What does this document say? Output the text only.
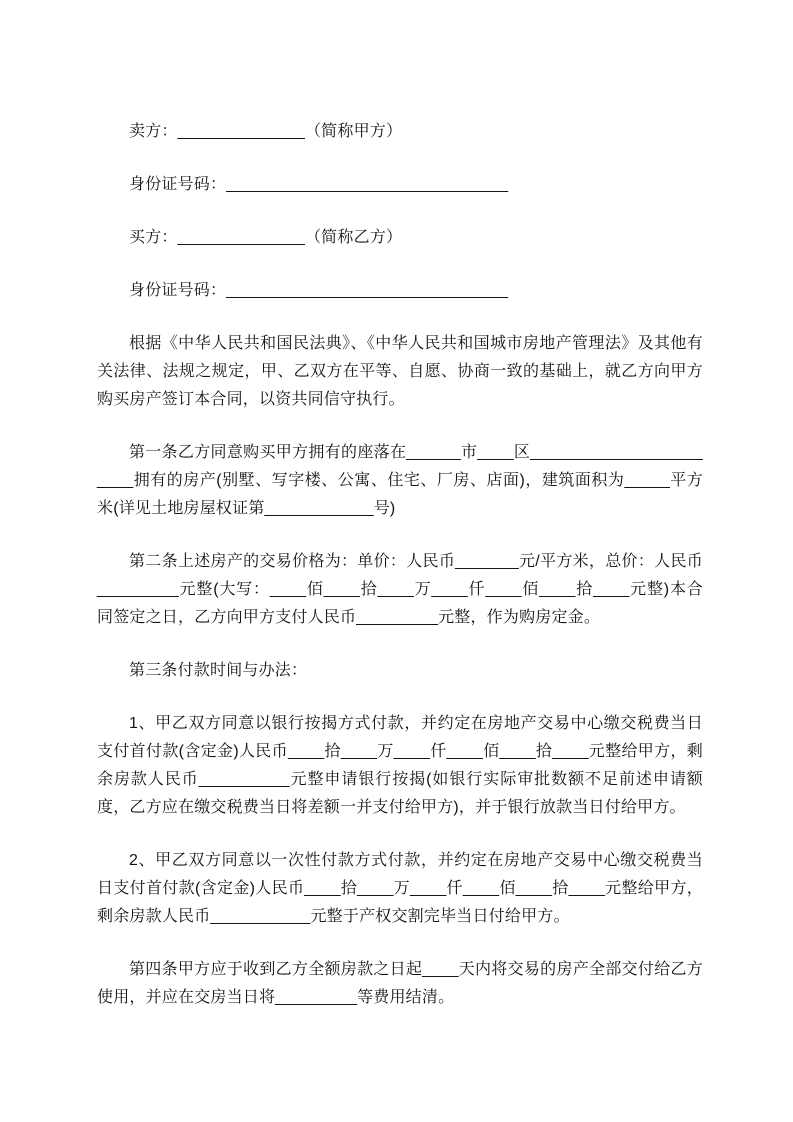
卖方：______________（简称甲方）

身份证号码：_______________________________

买方：______________（简称乙方）

身份证号码：_______________________________

根据《中华人民共和国民法典》、《中华人民共和国城市房地产管理法》及其他有关法律、法规之规定，甲、乙双方在平等、自愿、协商一致的基础上，就乙方向甲方购买房产签订本合同，以资共同信守执行。

第一条乙方同意购买甲方拥有的座落在______市____区_______________________拥有的房产(别墅、写字楼、公寓、住宅、厂房、店面)，建筑面积为_____平方米(详见土地房屋权证第____________号)

第二条上述房产的交易价格为：单价：人民币_______元/平方米，总价：人民币_________元整(大写：____佰____拾____万____仟____佰____拾____元整)本合同签定之日，乙方向甲方支付人民币_________元整，作为购房定金。

第三条付款时间与办法：

1、甲乙双方同意以银行按揭方式付款，并约定在房地产交易中心缴交税费当日支付首付款(含定金)人民币____拾____万____仟____佰____拾____元整给甲方，剩余房款人民币__________元整申请银行按揭(如银行实际审批数额不足前述申请额度，乙方应在缴交税费当日将差额一并支付给甲方)，并于银行放款当日付给甲方。

2、甲乙双方同意以一次性付款方式付款，并约定在房地产交易中心缴交税费当日支付首付款(含定金)人民币____拾____万____仟____佰____拾____元整给甲方，剩余房款人民币___________元整于产权交割完毕当日付给甲方。

第四条甲方应于收到乙方全额房款之日起____天内将交易的房产全部交付给乙方使用，并应在交房当日将_________等费用结清。
